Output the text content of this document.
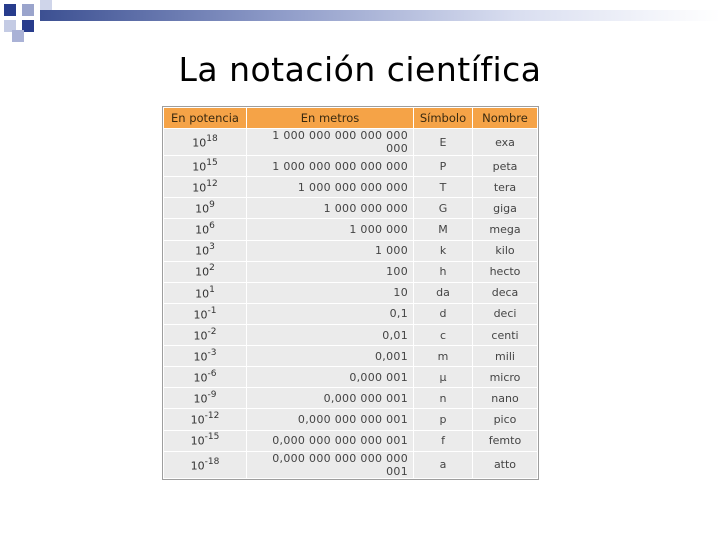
La notación científica
En potencia	En metros	Símbolo	Nombre
$10^{18}$	1 000 000 000 000 000 000	E	exa
$10^{15}$	1 000 000 000 000 000	P	peta
$10^{12}$	1 000 000 000 000	T	tera
$10^9$	1 000 000 000	G	giga
$10^6$	1 000 000	M	mega
$10^3$	1 000	k	kilo
$10^2$	100	h	hecto
$10^1$	10	da	deca
$10^{-1}$	0,1	d	deci
$10^{-2}$	0,01	c	centi
$10^{-3}$	0,001	m	mili
$10^{-6}$	0,000 001	μ	micro
$10^{-9}$	0,000 000 001	n	nano
$10^{-12}$	0,000 000 000 001	p	pico
$10^{-15}$	0,000 000 000 000 001	f	femto
$10^{-18}$	0,000 000 000 000 000 001	a	atto
